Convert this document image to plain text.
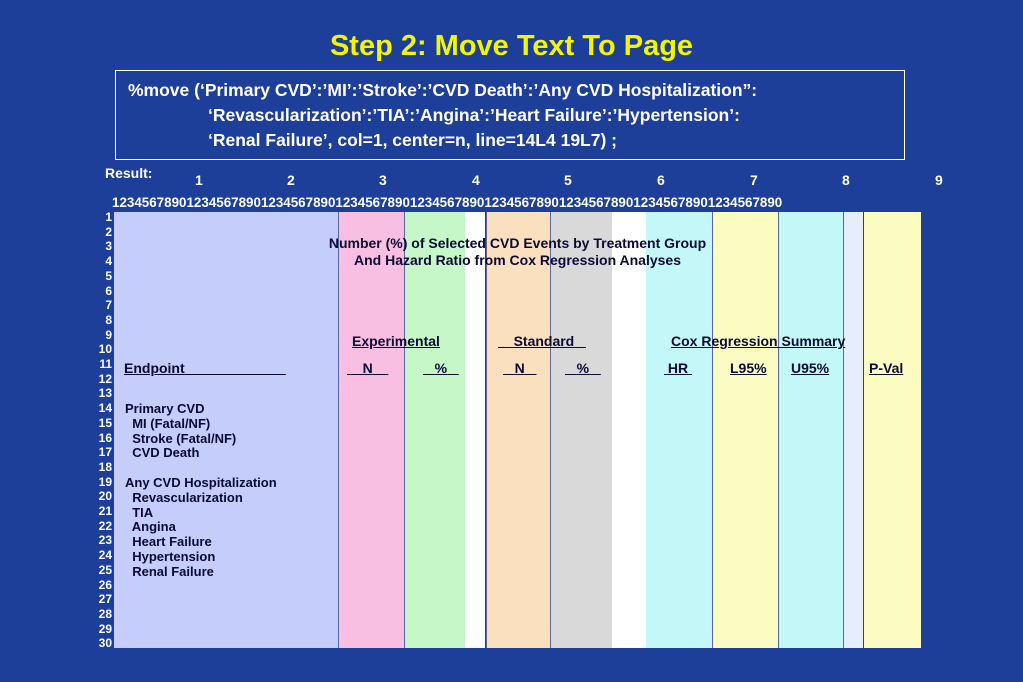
Step 2: Move Text To Page
%move (‘Primary CVD’:’MI’:’Stroke’:’CVD Death’:’Any CVD Hospitalization”:
‘Revascularization’:’TIA’:’Angina’:’Heart Failure’:’Hypertension’:
‘Renal Failure’, col=1, center=n, line=14L4 19L7) ;
Result:	1	2	3	4	5	6	7	8	9
123456789012345678901234567890123456789012345678901234567890123456789012345678901234567890
1
2
3
4
5
6
7
8
9
10
11
12
13
14
15
16
17
18
19
20
21
22
23
24
25
26
27
28
29
30
Number (%) of Selected CVD Events by Treatment Group
And Hazard Ratio from Cox Regression Analyses
Experimental	Standard	Cox Regression Summary
Endpoint	N	%	N	%	HR	L95% U95%	P-Val
Primary CVD
MI (Fatal/NF)
Stroke (Fatal/NF)
CVD Death
Any CVD Hospitalization
Revascularization
TIA
Angina
Heart Failure
Hypertension
Renal Failure
